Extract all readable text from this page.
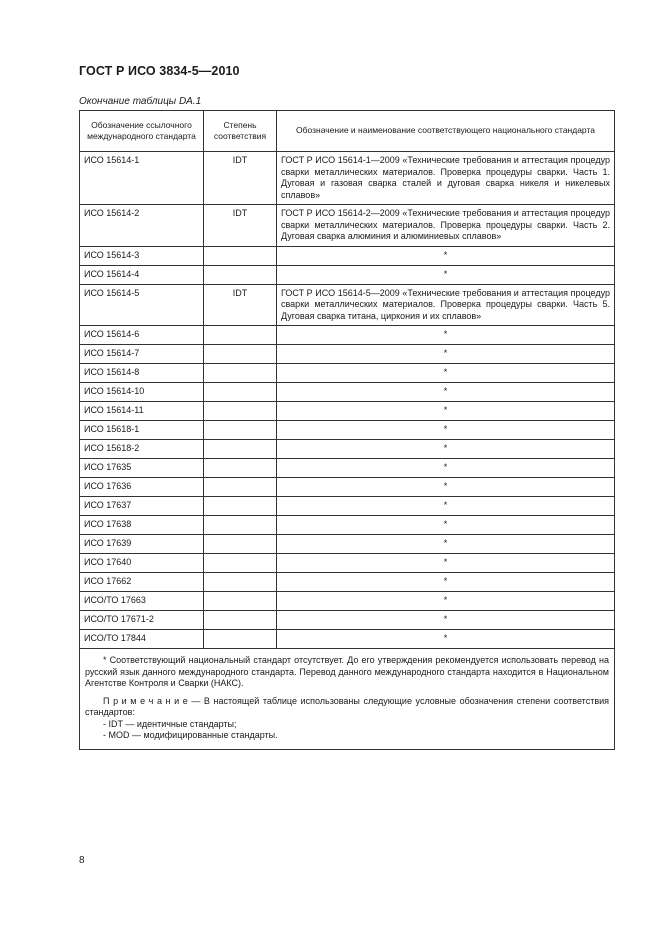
ГОСТ Р ИСО 3834-5—2010
Окончание таблицы DA.1
Обозначение ссылочного международного стандарта	Степень соответствия	Обозначение и наименование соответствующего национального стандарта
ИСО 15614-1	IDT	ГОСТ Р ИСО 15614-1—2009 «Технические требования и аттестация процедур сварки металлических материалов. Проверка процедуры сварки. Часть 1. Дуговая и газовая сварка сталей и дуговая сварка никеля и никелевых сплавов»
ИСО 15614-2	IDT	ГОСТ Р ИСО 15614-2—2009 «Технические требования и аттестация процедур сварки металлических материалов. Проверка процедуры сварки. Часть 2. Дуговая сварка алюминия и алюминиевых сплавов»
ИСО 15614-3		*
ИСО 15614-4		*
ИСО 15614-5	IDT	ГОСТ Р ИСО 15614-5—2009 «Технические требования и аттестация процедур сварки металлических материалов. Проверка процедуры сварки. Часть 5. Дуговая сварка титана, циркония и их сплавов»
ИСО 15614-6		*
ИСО 15614-7		*
ИСО 15614-8		*
ИСО 15614-10		*
ИСО 15614-11		*
ИСО 15618-1		*
ИСО 15618-2		*
ИСО 17635		*
ИСО 17636		*
ИСО 17637		*
ИСО 17638		*
ИСО 17639		*
ИСО 17640		*
ИСО 17662		*
ИСО/ТО 17663		*
ИСО/ТО 17671-2		*
ИСО/ТО 17844		*

* Соответствующий национальный стандарт отсутствует. До его утверждения рекомендуется использовать перевод на русский язык данного международного стандарта. Перевод данного международного стандарта находится в Национальном Агентстве Контроля и Сварки (НАКС).
П р и м е ч а н и е — В настоящей таблице использованы следующие условные обозначения степени соответствия стандартов:
- IDT — идентичные стандарты;
- MOD — модифицированные стандарты.		
8
